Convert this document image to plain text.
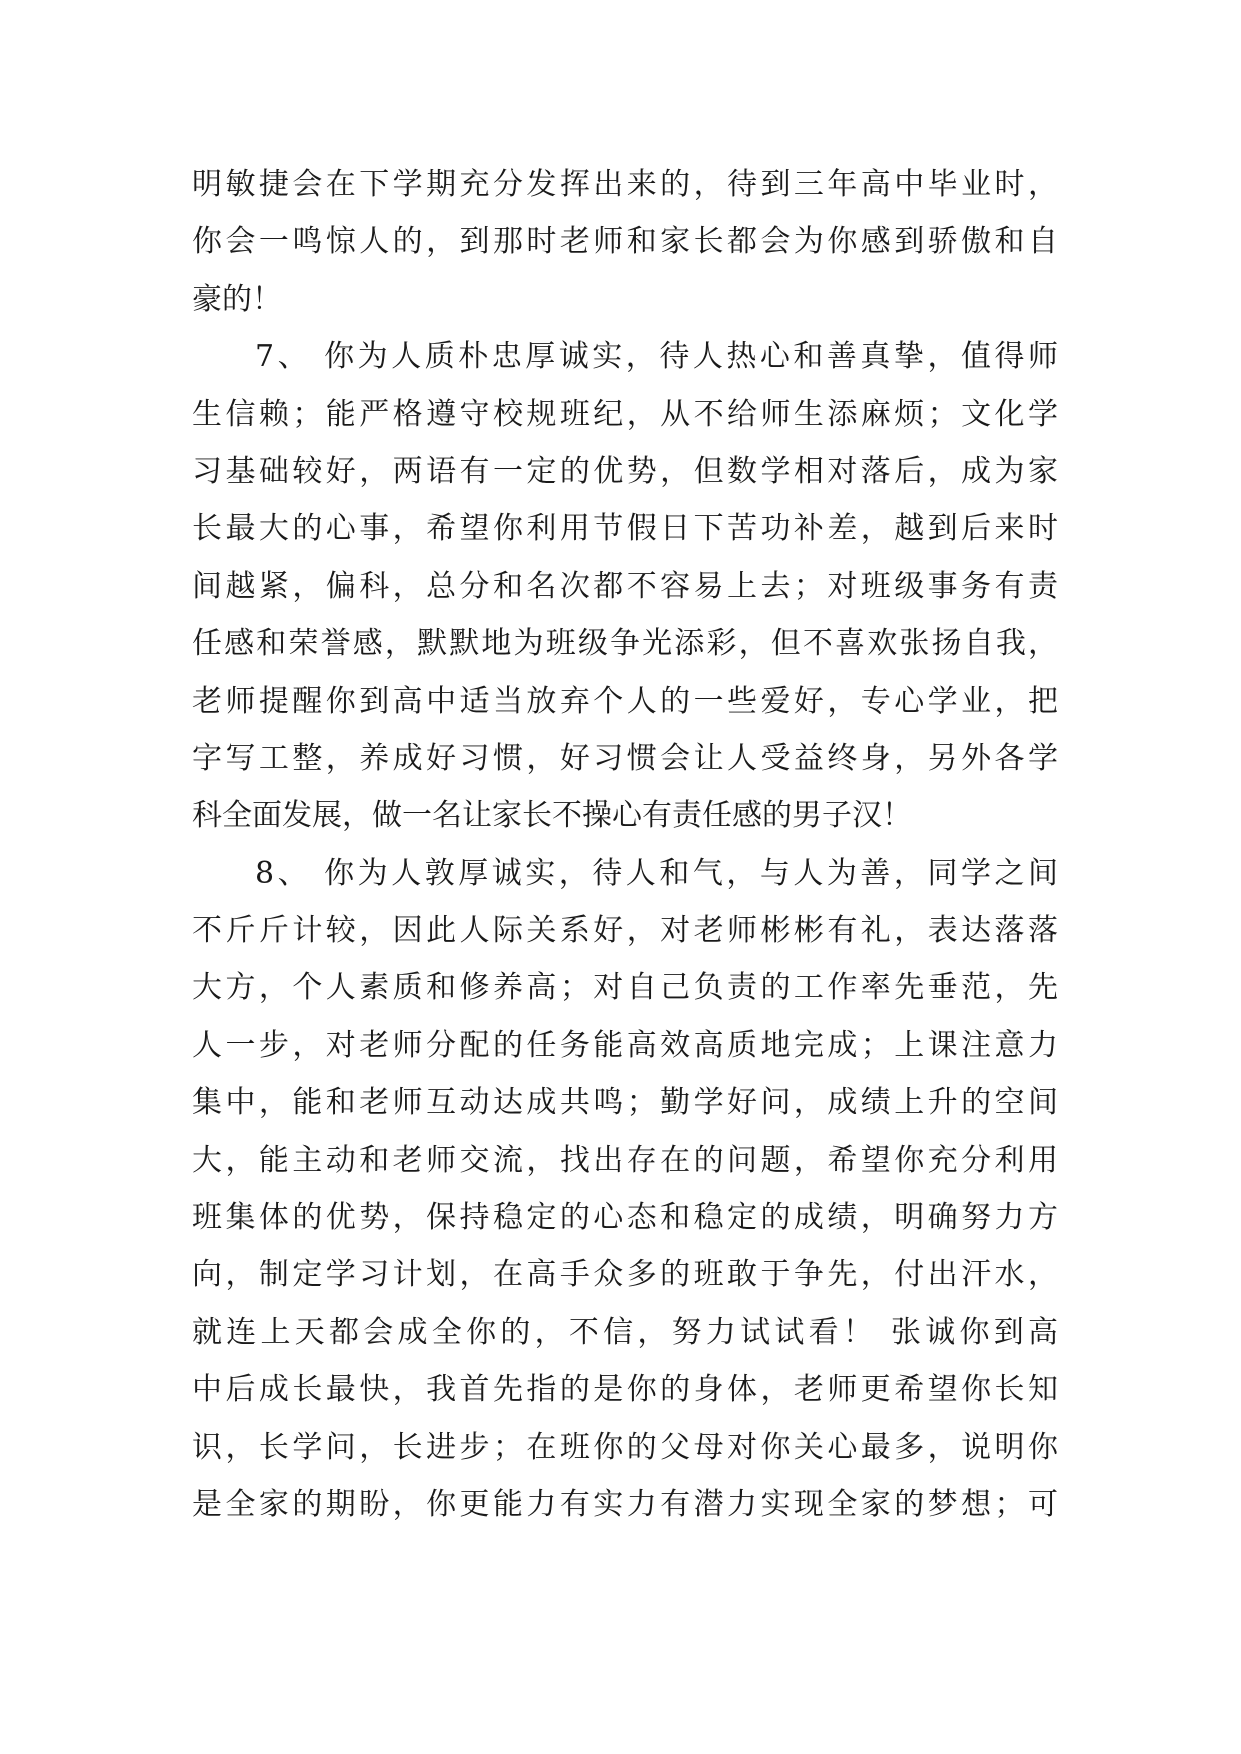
明敏捷会在下学期充分发挥出来的，待到三年高中毕业时，
你会一鸣惊人的，到那时老师和家长都会为你感到骄傲和自
豪的！
7、 你为人质朴忠厚诚实，待人热心和善真挚，值得师
生信赖；能严格遵守校规班纪，从不给师生添麻烦；文化学
习基础较好，两语有一定的优势，但数学相对落后，成为家
长最大的心事，希望你利用节假日下苦功补差，越到后来时
间越紧，偏科，总分和名次都不容易上去；对班级事务有责
任感和荣誉感，默默地为班级争光添彩，但不喜欢张扬自我，
老师提醒你到高中适当放弃个人的一些爱好，专心学业，把
字写工整，养成好习惯，好习惯会让人受益终身，另外各学
科全面发展，做一名让家长不操心有责任感的男子汉！
8、 你为人敦厚诚实，待人和气，与人为善，同学之间
不斤斤计较，因此人际关系好，对老师彬彬有礼，表达落落
大方，个人素质和修养高；对自己负责的工作率先垂范，先
人一步，对老师分配的任务能高效高质地完成；上课注意力
集中，能和老师互动达成共鸣；勤学好问，成绩上升的空间
大，能主动和老师交流，找出存在的问题，希望你充分利用
班集体的优势，保持稳定的心态和稳定的成绩，明确努力方
向，制定学习计划，在高手众多的班敢于争先，付出汗水，
就连上天都会成全你的，不信，努力试试看！ 张诚你到高
中后成长最快，我首先指的是你的身体，老师更希望你长知
识，长学问，长进步；在班你的父母对你关心最多，说明你
是全家的期盼，你更能力有实力有潜力实现全家的梦想；可
